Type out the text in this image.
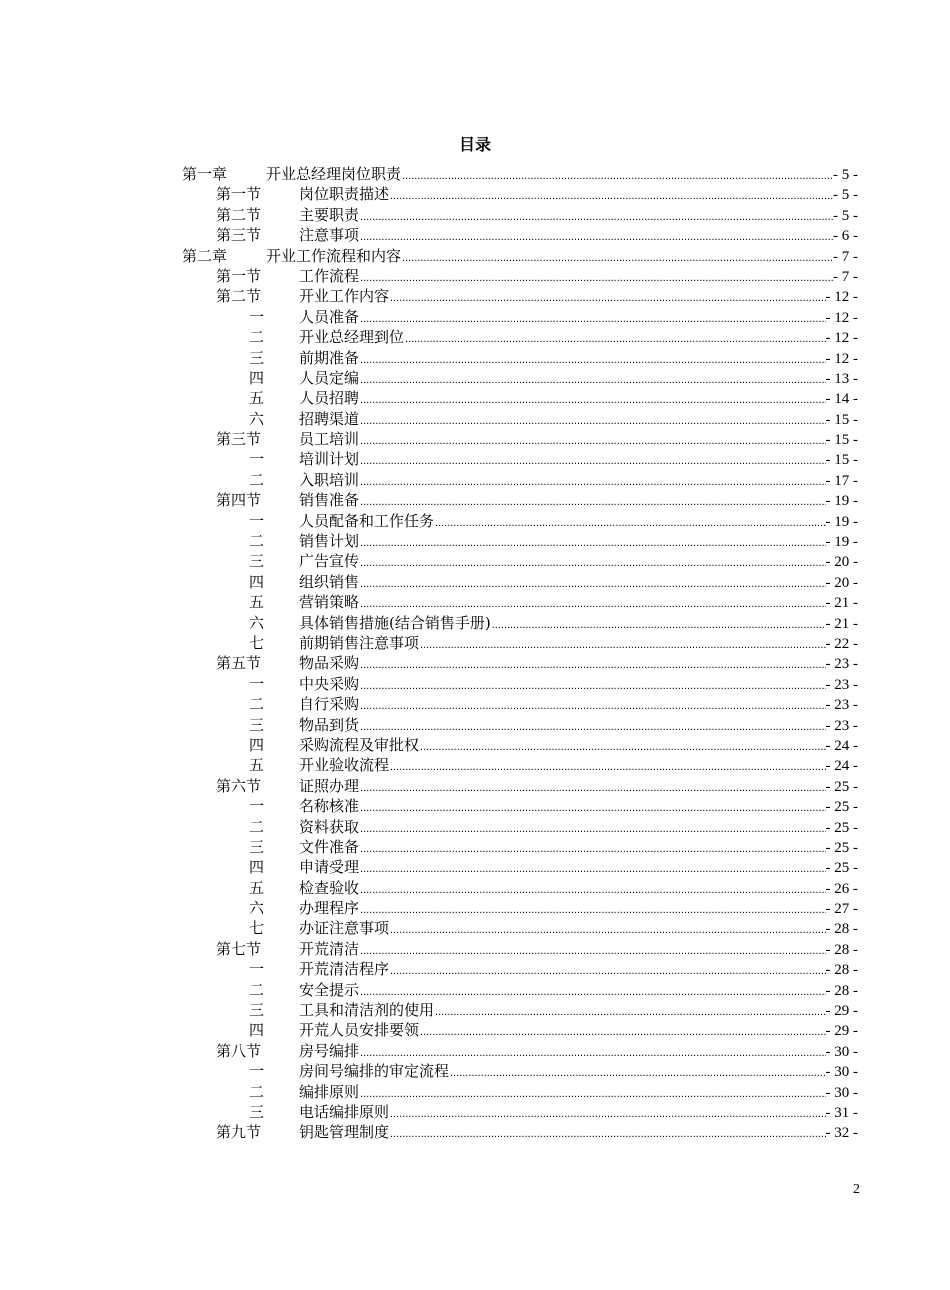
目录
第一章	开业总经理岗位职责 .....	- 5 -
第一节	岗位职责描述 .....	- 5 -
第二节	主要职责 .....	- 5 -
第三节	注意事项 .....	- 6 -
第二章	开业工作流程和内容 .....	- 7 -
第一节	工作流程 .....	- 7 -
第二节	开业工作内容 .....	- 12 -
一	人员准备 .....	- 12 -
二	开业总经理到位 .....	- 12 -
三	前期准备 .....	- 12 -
四	人员定编 .....	- 13 -
五	人员招聘 .....	- 14 -
六	招聘渠道 .....	- 15 -
第三节	员工培训 .....	- 15 -
一	培训计划 .....	- 15 -
二	入职培训 .....	- 17 -
第四节	销售准备 .....	- 19 -
一	人员配备和工作任务 .....	- 19 -
二	销售计划 .....	- 19 -
三	广告宣传 .....	- 20 -
四	组织销售 .....	- 20 -
五	营销策略 .....	- 21 -
六	具体销售措施(结合销售手册) .....	- 21 -
七	前期销售注意事项 .....	- 22 -
第五节	物品采购 .....	- 23 -
一	中央采购 .....	- 23 -
二	自行采购 .....	- 23 -
三	物品到货 .....	- 23 -
四	采购流程及审批权 .....	- 24 -
五	开业验收流程 .....	- 24 -
第六节	证照办理 .....	- 25 -
一	名称核准 .....	- 25 -
二	资料获取 .....	- 25 -
三	文件准备 .....	- 25 -
四	申请受理 .....	- 25 -
五	检查验收 .....	- 26 -
六	办理程序 .....	- 27 -
七	办证注意事项 .....	- 28 -
第七节	开荒清洁 .....	- 28 -
一	开荒清洁程序 .....	- 28 -
二	安全提示 .....	- 28 -
三	工具和清洁剂的使用 .....	- 29 -
四	开荒人员安排要领 .....	- 29 -
第八节	房号编排 .....	- 30 -
一	房间号编排的审定流程 .....	- 30 -
二	编排原则 .....	- 30 -
三	电话编排原则 .....	- 31 -
第九节	钥匙管理制度 .....	- 32 -
2
